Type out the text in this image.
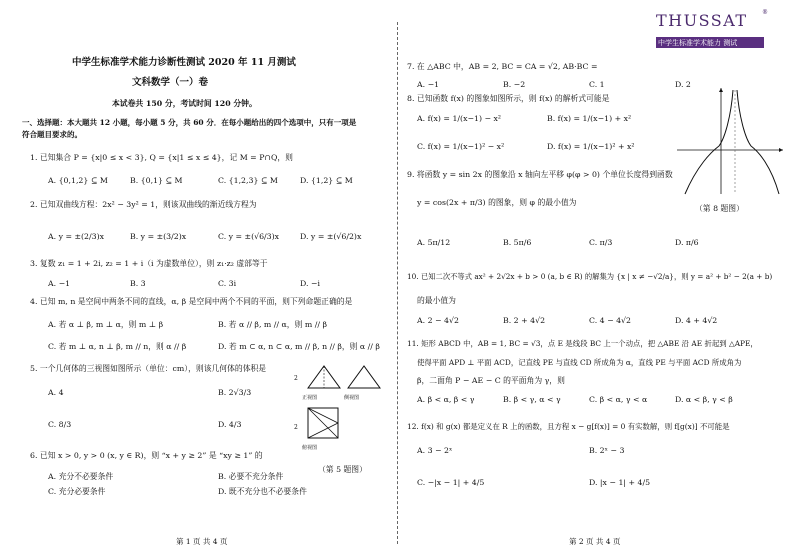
THUSSAT ®
中学生标准学术能力 测试
中学生标准学术能力诊断性测试 2020 年 11 月测试
文科数学（一）卷
本试卷共 150 分，考试时间 120 分钟。
一、选择题：本大题共 12 小题，每小题 5 分，共 60 分．在每小题给出的四个选项中，只有一项是
符合题目要求的。
1. 已知集合 P = {x|0 ≤ x < 3}, Q = {x|1 ≤ x ≤ 4}，记 M = P∩Q，则
A. {0,1,2} ⊆ M	B. {0,1} ⊆ M	C. {1,2,3} ⊆ M	D. {1,2} ⊆ M
2. 已知双曲线方程：2x² − 3y² = 1，则该双曲线的渐近线方程为
A. y = ±(2/3)x	B. y = ±(3/2)x	C. y = ±(√6/3)x	D. y = ±(√6/2)x
3. 复数 z₁ = 1 + 2i, z₂ = 1 + i（i 为虚数单位），则 z₁·z₂ 虚部等于
A. −1	B. 3	C. 3i	D. −i
4. 已知 m, n 是空间中两条不同的直线，α, β 是空间中两个不同的平面，则下列命题正确的是
A. 若 α ⊥ β, m ⊥ α，则 m ⊥ β	B. 若 α // β, m // α，则 m // β
C. 若 m ⊥ α, n ⊥ β, m // n，则 α // β	D. 若 m ⊂ α, n ⊂ α, m // β, n // β，则 α // β
5. 一个几何体的三视图如图所示（单位：cm），则该几何体的体积是
A. 4	B. 2√3/3
C. 8/3	D. 4/3
正视图	侧视图
俯视图
2
2
（第 5 题图）
6. 已知 x > 0, y > 0 (x, y ∈ R)，则 “x + y ≥ 2” 是 “xy ≥ 1” 的
A. 充分不必要条件	B. 必要不充分条件
C. 充分必要条件	D. 既不充分也不必要条件
第 1 页 共 4 页
7. 在 △ABC 中，AB = 2, BC = CA = √2, AB·BC =
A. −1	B. −2	C. 1	D. 2
8. 已知函数 f(x) 的图象如图所示，则 f(x) 的解析式可能是
A. f(x) = 1/(x−1) − x²	B. f(x) = 1/(x−1) + x²
C. f(x) = 1/(x−1)² − x²	D. f(x) = 1/(x−1)² + x²
（第 8 题图）
9. 将函数 y = sin 2x 的图象沿 x 轴向左平移 φ(φ > 0) 个单位长度得到函数
y = cos(2x + π/3) 的图象，则 φ 的最小值为
A. 5π/12	B. 5π/6	C. π/3	D. π/6
10. 已知二次不等式 ax² + 2√2x + b > 0 (a, b ∈ R) 的解集为 {x | x ≠ −√2/a}，则 y = a² + b² − 2(a + b)
的最小值为
A. 2 − 4√2	B. 2 + 4√2	C. 4 − 4√2	D. 4 + 4√2
11. 矩形 ABCD 中，AB = 1, BC = √3，点 E 是线段 BC 上一个动点，把 △ABE 沿 AE 折起到 △APE，
使得平面 APD ⊥ 平面 ACD，记直线 PE 与直线 CD 所成角为 α，直线 PE 与平面 ACD 所成角为
β，二面角 P − AE − C 的平面角为 γ，则
A. β < α, β < γ	B. β < γ, α < γ	C. β < α, γ < α	D. α < β, γ < β
12. f(x) 和 g(x) 都是定义在 R 上的函数，且方程 x − g[f(x)] = 0 有实数解，则 f[g(x)] 不可能是
A. 3 − 2ˣ	B. 2ˣ − 3
C. −|x − 1| + 4/5	D. |x − 1| + 4/5
第 2 页 共 4 页
